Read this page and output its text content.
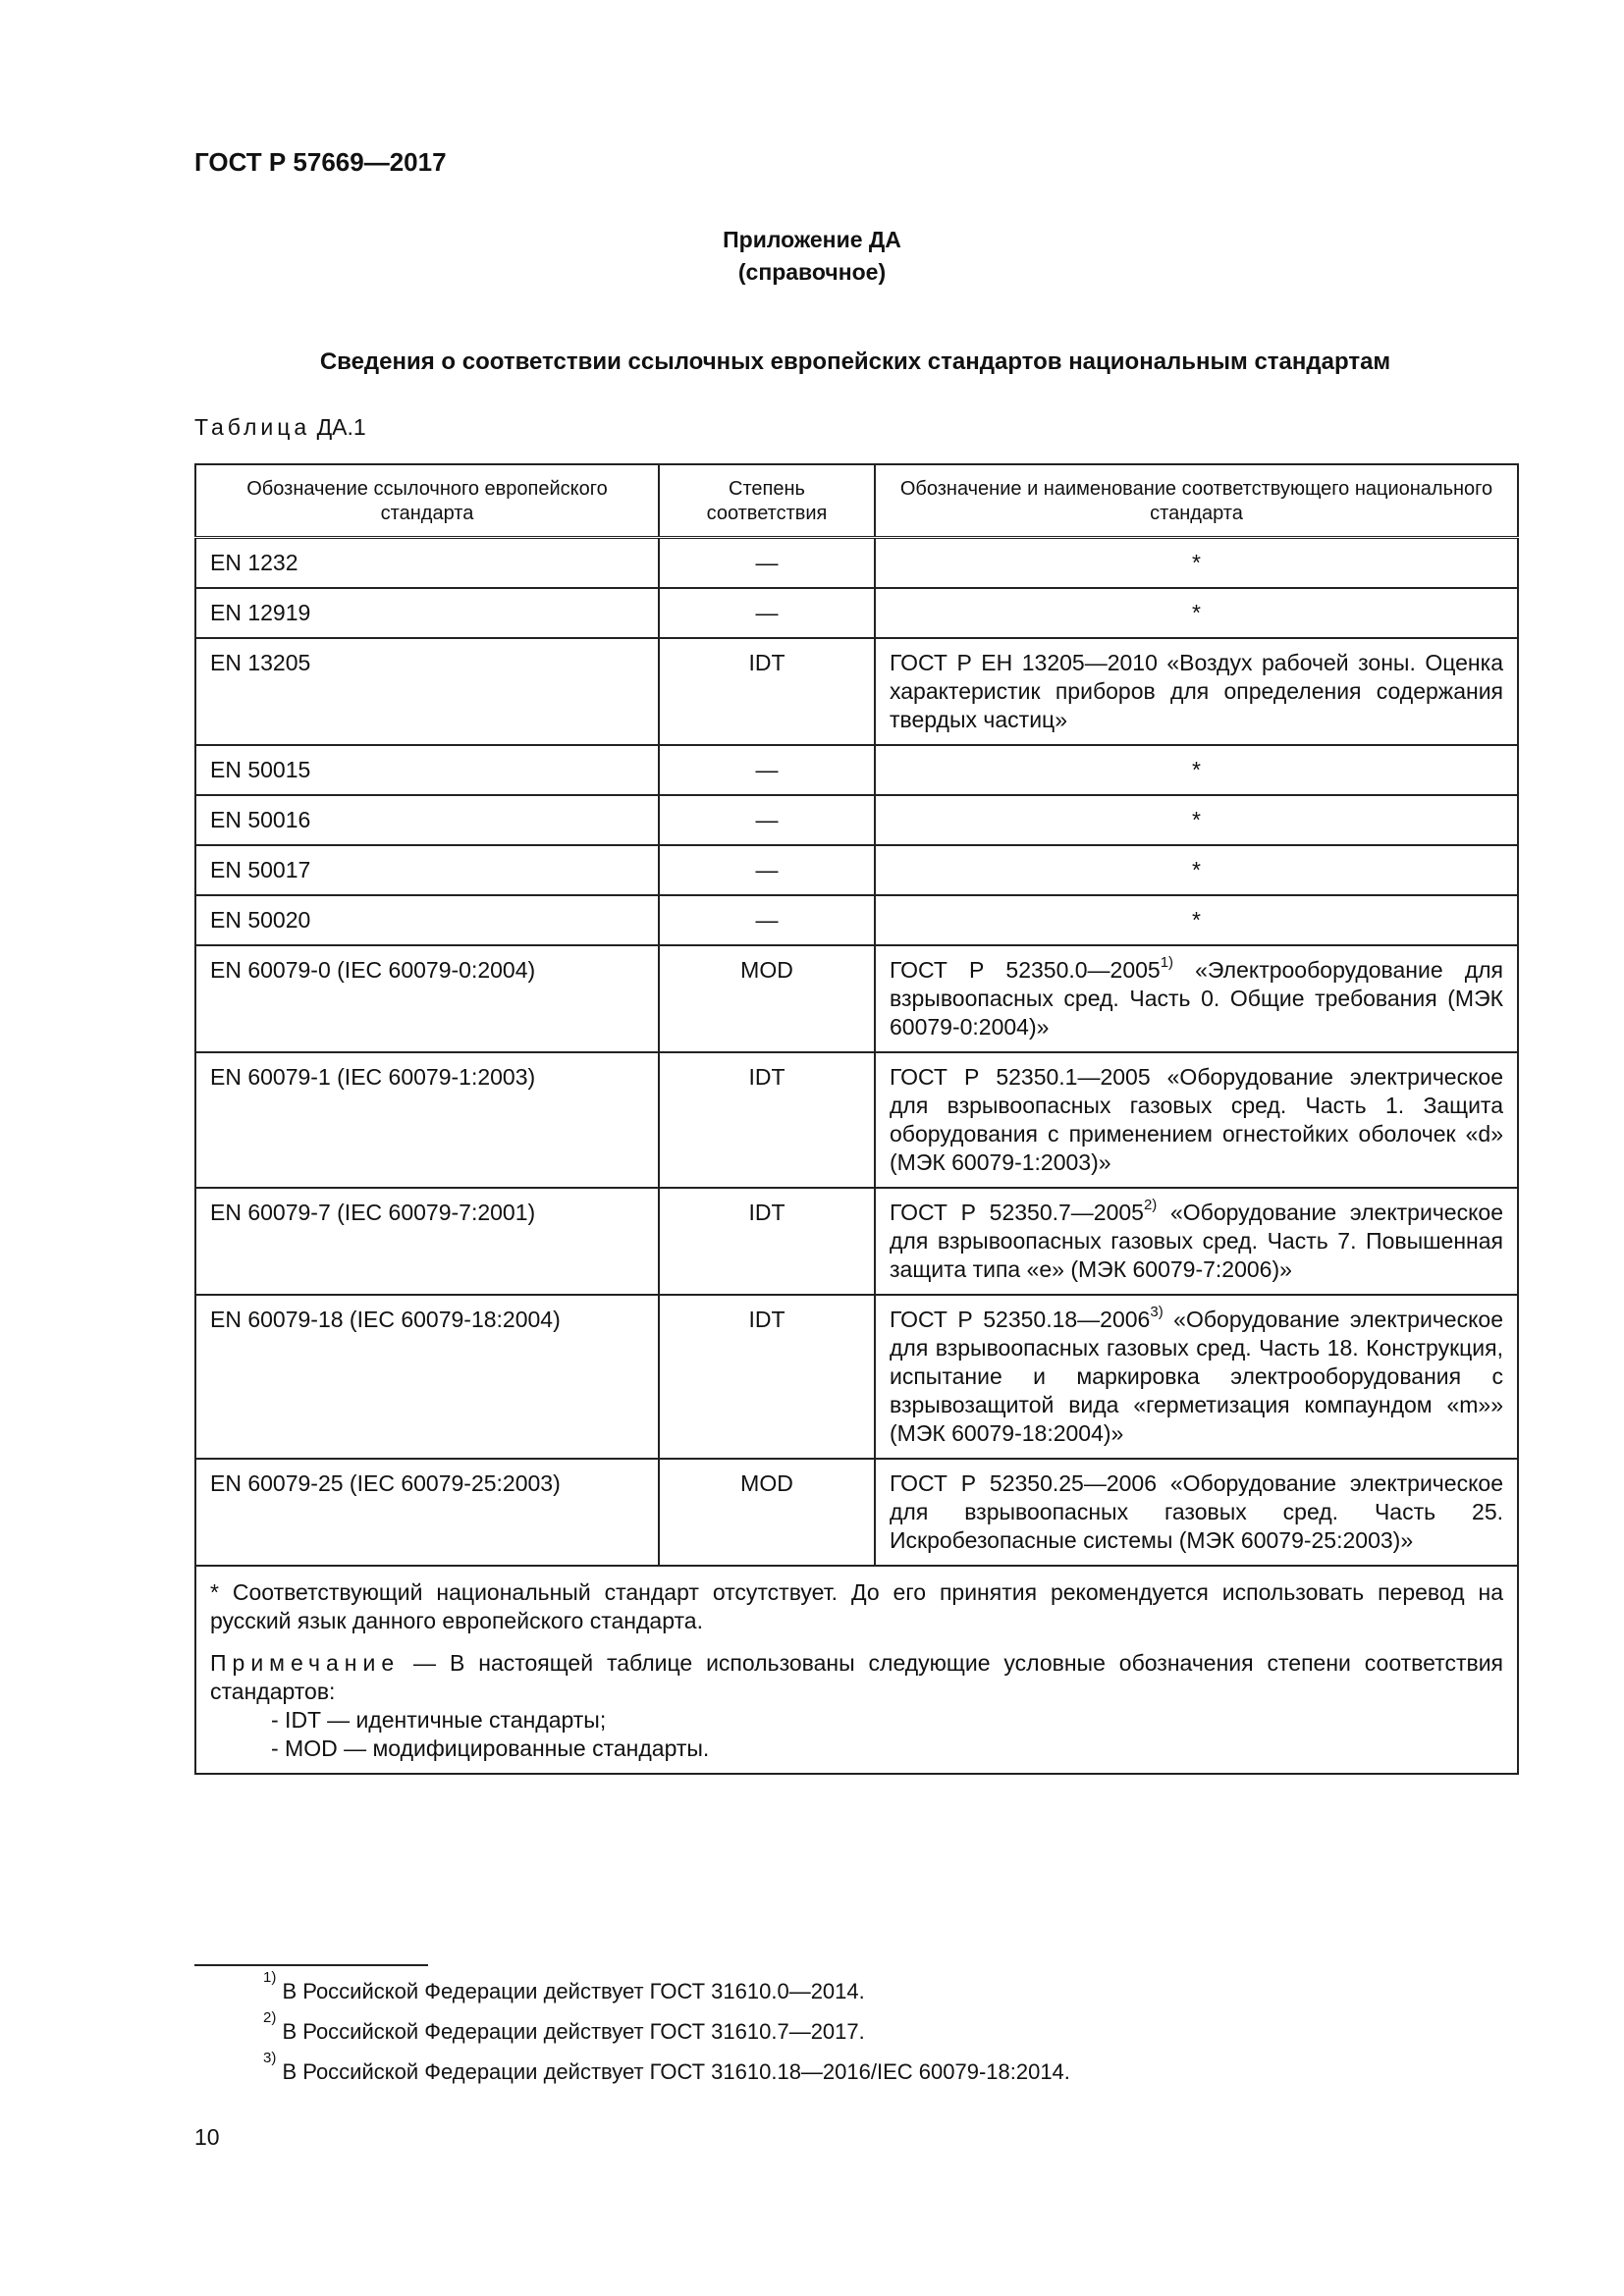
ГОСТ Р 57669—2017
Приложение ДА
(справочное)
Сведения о соответствии ссылочных европейских стандартов национальным стандартам
Таблица ДА.1
Обозначение ссылочного европейского стандарта	Степень соответствия	Обозначение и наименование соответствующего национального стандарта
EN 1232	—	*
EN 12919	—	*
EN 13205	IDT	ГОСТ Р ЕН 13205—2010 «Воздух рабочей зоны. Оценка характеристик приборов для определения содержания твердых частиц»
EN 50015	—	*
EN 50016	—	*
EN 50017	—	*
EN 50020	—	*
EN 60079-0 (IEC 60079-0:2004)	MOD	ГОСТ Р 52350.0—2005$^{1)}$ «Электрооборудование для взрывоопасных сред. Часть 0. Общие требования (МЭК 60079-0:2004)»
EN 60079-1 (IEC 60079-1:2003)	IDT	ГОСТ Р 52350.1—2005 «Оборудование электрическое для взрывоопасных газовых сред. Часть 1. Защита оборудования с применением огнестойких оболочек «d» (МЭК 60079-1:2003)»
EN 60079-7 (IEC 60079-7:2001)	IDT	ГОСТ Р 52350.7—2005$^{2)}$ «Оборудование электрическое для взрывоопасных газовых сред. Часть 7. Повышенная защита типа «е» (МЭК 60079-7:2006)»
EN 60079-18 (IEC 60079-18:2004)	IDT	ГОСТ Р 52350.18—2006$^{3)}$ «Оборудование электрическое для взрывоопасных газовых сред. Часть 18. Конструкция, испытание и маркировка электрооборудования с взрывозащитой вида «герметизация компаундом «m»» (МЭК 60079-18:2004)»
EN 60079-25 (IEC 60079-25:2003)	MOD	ГОСТ Р 52350.25—2006 «Оборудование электрическое для взрывоопасных газовых сред. Часть 25. Искробезопасные системы (МЭК 60079-25:2003)»

* Соответствующий национальный стандарт отсутствует. До его принятия рекомендуется использовать перевод на русский язык данного европейского стандарта.

Примечание — В настоящей таблице использованы следующие условные обозначения степени соответствия стандартов:

- IDT — идентичные стандарты;

- MOD — модифицированные стандарты.		

$^{1)}$ В Российской Федерации действует ГОСТ 31610.0—2014.
$^{2)}$ В Российской Федерации действует ГОСТ 31610.7—2017.
$^{3)}$ В Российской Федерации действует ГОСТ 31610.18—2016/IEC 60079-18:2014.
10
